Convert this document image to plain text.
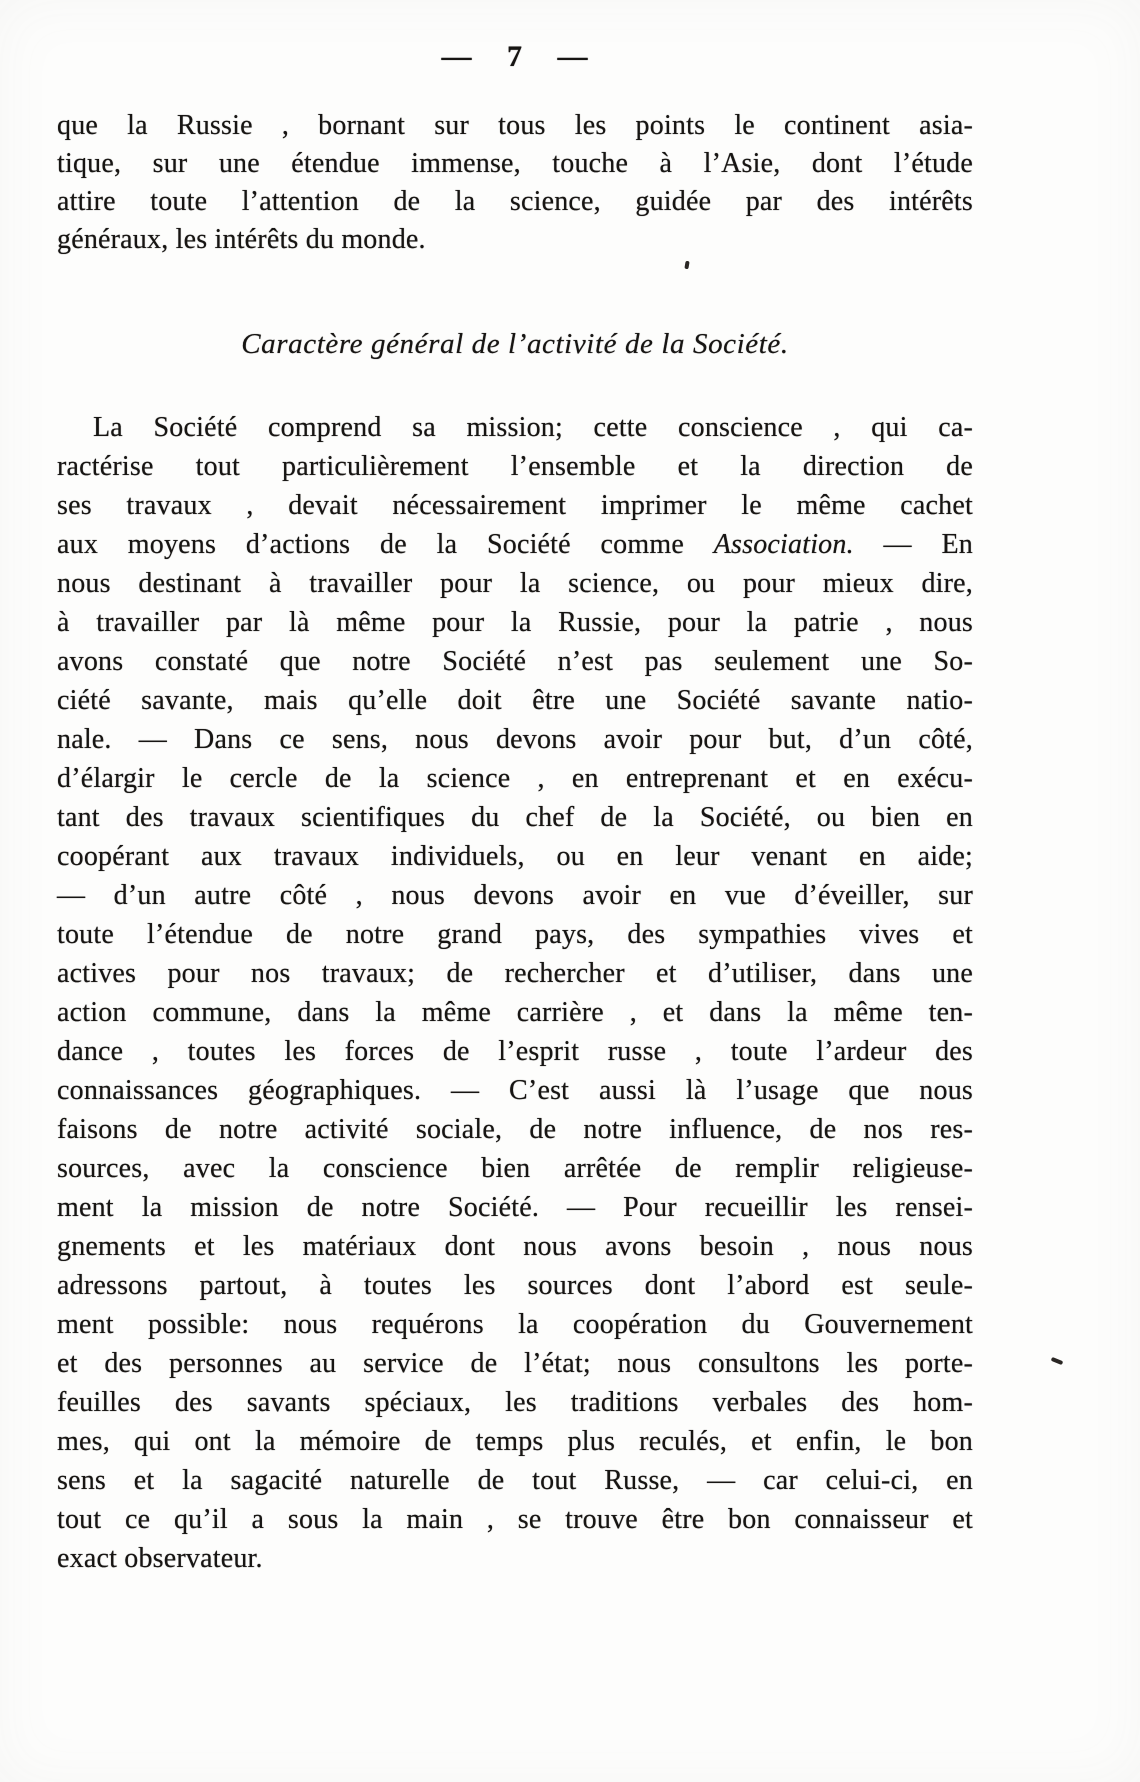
— 7 —
que la Russie , bornant sur tous les points le continent asia-
tique, sur une étendue immense, touche à l’Asie, dont l’étude
attire toute l’attention de la science, guidée par des intérêts
généraux, les intérêts du monde.
Caractère général de l’activité de la Société.
La Société comprend sa mission; cette conscience , qui ca-
ractérise tout particulièrement l’ensemble et la direction de
ses travaux , devait nécessairement imprimer le même cachet
aux moyens d’actions de la Société comme Association. — En
nous destinant à travailler pour la science, ou pour mieux dire,
à travailler par là même pour la Russie, pour la patrie , nous
avons constaté que notre Société n’est pas seulement une So-
ciété savante, mais qu’elle doit être une Société savante natio-
nale. — Dans ce sens, nous devons avoir pour but, d’un côté,
d’élargir le cercle de la science , en entreprenant et en exécu-
tant des travaux scientifiques du chef de la Société, ou bien en
coopérant aux travaux individuels, ou en leur venant en aide;
— d’un autre côté , nous devons avoir en vue d’éveiller, sur
toute l’étendue de notre grand pays, des sympathies vives et
actives pour nos travaux; de rechercher et d’utiliser, dans une
action commune, dans la même carrière , et dans la même ten-
dance , toutes les forces de l’esprit russe , toute l’ardeur des
connaissances géographiques. — C’est aussi là l’usage que nous
faisons de notre activité sociale, de notre influence, de nos res-
sources, avec la conscience bien arrêtée de remplir religieuse-
ment la mission de notre Société. — Pour recueillir les rensei-
gnements et les matériaux dont nous avons besoin , nous nous
adressons partout, à toutes les sources dont l’abord est seule-
ment possible: nous requérons la coopération du Gouvernement
et des personnes au service de l’état; nous consultons les porte-
feuilles des savants spéciaux, les traditions verbales des hom-
mes, qui ont la mémoire de temps plus reculés, et enfin, le bon
sens et la sagacité naturelle de tout Russe, — car celui-ci, en
tout ce qu’il a sous la main , se trouve être bon connaisseur et
exact observateur.
